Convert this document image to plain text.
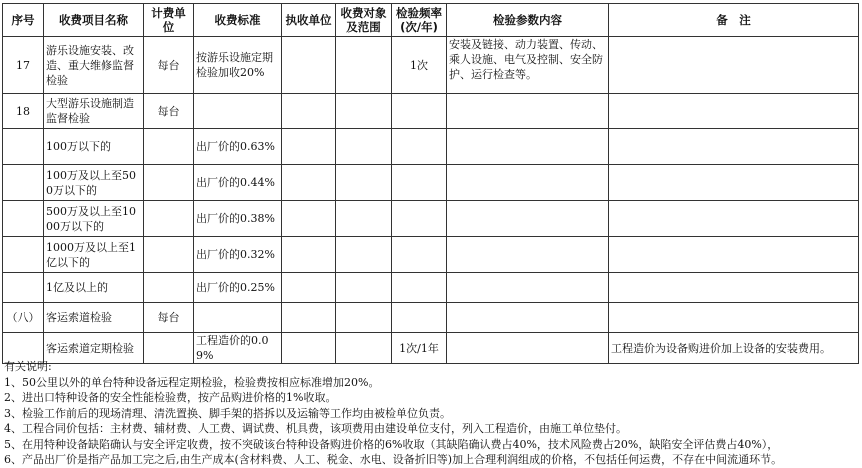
序号	收费项目名称	计费单位	收费标准	执收单位	收费对象及范围	检验频率(次/年)	检验参数内容	备　注
17	游乐设施安装、改造、重大维修监督检验	每台	按游乐设施定期检验加收20%			1次	安装及链接、动力装置、传动、乘人设施、电气及控制、安全防护、运行检查等。	
18	大型游乐设施制造监督检验	每台						
	100万以下的		出厂价的0.63%					
	100万及以上至500万以下的		出厂价的0.44%					
	500万及以上至1000万以下的		出厂价的0.38%					
	1000万及以上至1亿以下的		出厂价的0.32%					
	1亿及以上的		出厂价的0.25%					
（八）	客运索道检验	每台						
	客运索道定期检验		工程造价的0.09%			1次/1年		工程造价为设备购进价加上设备的安装费用。
有关说明:
1、50公里以外的单台特种设备远程定期检验，检验费按相应标准增加20%。
2、进出口特种设备的安全性能检验费，按产品购进价格的1%收取。
3、检验工作前后的现场清理、清洗置换、脚手架的搭拆以及运输等工作均由被检单位负责。
4、工程合同价包括：主材费、辅材费、人工费、调试费、机具费，该项费用由建设单位支付，列入工程造价，由施工单位垫付。
5、在用特种设备缺陷确认与安全评定收费，按不突破该台特种设备购进价格的6%收取（其缺陷确认费占40%，技术风险费占20%，缺陷安全评估费占40%），
6、产品出厂价是指产品加工完之后,由生产成本(含材料费、人工、税金、水电、设备折旧等)加上合理利润组成的价格，不包括任何运费，不存在中间流通环节。
